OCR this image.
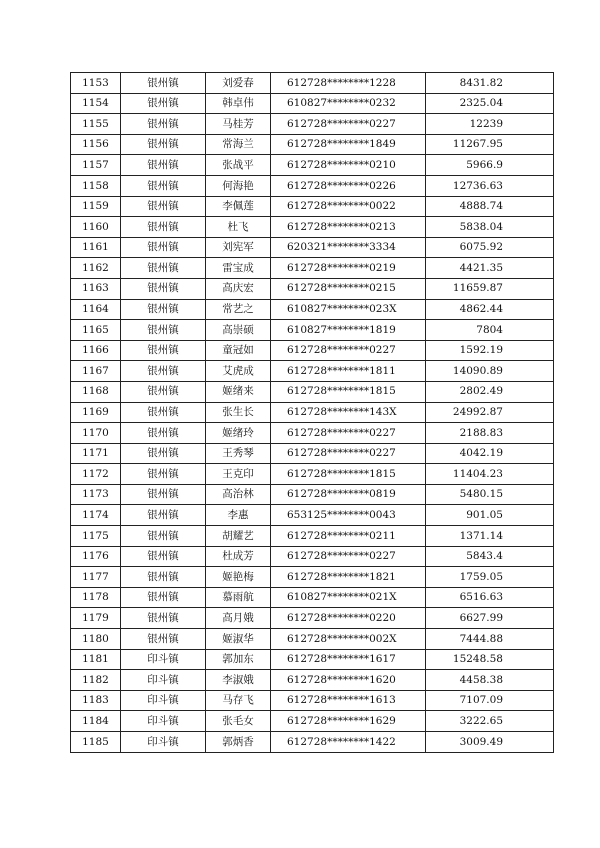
1153	银州镇	刘爱春	612728********1228	8431.82
1154	银州镇	韩卓伟	610827********0232	2325.04
1155	银州镇	马桂芳	612728********0227	12239
1156	银州镇	常海兰	612728********1849	11267.95
1157	银州镇	张战平	612728********0210	5966.9
1158	银州镇	何海艳	612728********0226	12736.63
1159	银州镇	李佩莲	612728********0022	4888.74
1160	银州镇	杜飞	612728********0213	5838.04
1161	银州镇	刘宪军	620321********3334	6075.92
1162	银州镇	雷宝成	612728********0219	4421.35
1163	银州镇	高庆宏	612728********0215	11659.87
1164	银州镇	常艺之	610827********023X	4862.44
1165	银州镇	高崇硕	610827********1819	7804
1166	银州镇	童冠如	612728********0227	1592.19
1167	银州镇	艾虎成	612728********1811	14090.89
1168	银州镇	姬绪来	612728********1815	2802.49
1169	银州镇	张生长	612728********143X	24992.87
1170	银州镇	姬绪玲	612728********0227	2188.83
1171	银州镇	王秀琴	612728********0227	4042.19
1172	银州镇	王克印	612728********1815	11404.23
1173	银州镇	高治林	612728********0819	5480.15
1174	银州镇	李惠	653125********0043	901.05
1175	银州镇	胡耀艺	612728********0211	1371.14
1176	银州镇	杜成芳	612728********0227	5843.4
1177	银州镇	姬艳梅	612728********1821	1759.05
1178	银州镇	慕雨航	610827********021X	6516.63
1179	银州镇	高月娥	612728********0220	6627.99
1180	银州镇	姬淑华	612728********002X	7444.88
1181	印斗镇	郭加东	612728********1617	15248.58
1182	印斗镇	李淑娥	612728********1620	4458.38
1183	印斗镇	马存飞	612728********1613	7107.09
1184	印斗镇	张毛女	612728********1629	3222.65
1185	印斗镇	郭炳香	612728********1422	3009.49
